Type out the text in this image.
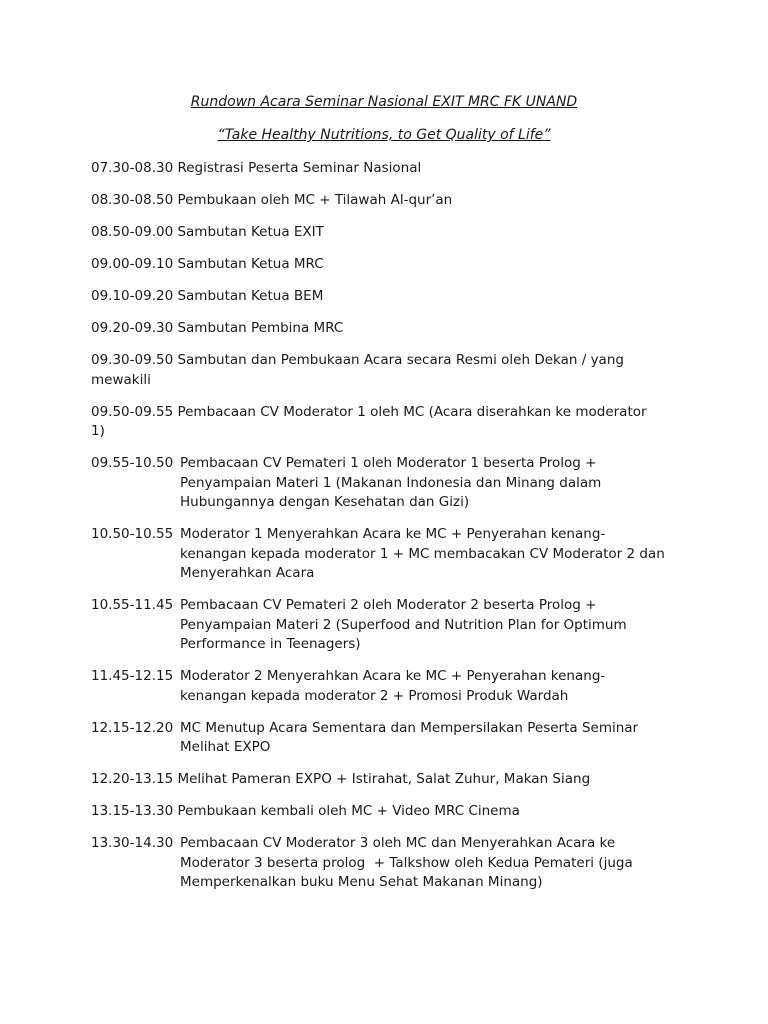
Rundown Acara Seminar Nasional EXIT MRC FK UNAND
“Take Healthy Nutritions, to Get Quality of Life”
07.30-08.30 Registrasi Peserta Seminar Nasional
08.30-08.50 Pembukaan oleh MC + Tilawah Al-qur’an
08.50-09.00 Sambutan Ketua EXIT
09.00-09.10 Sambutan Ketua MRC
09.10-09.20 Sambutan Ketua BEM
09.20-09.30 Sambutan Pembina MRC
09.30-09.50 Sambutan dan Pembukaan Acara secara Resmi oleh Dekan / yang
mewakili
09.50-09.55 Pembacaan CV Moderator 1 oleh MC (Acara diserahkan ke moderator
1)
09.55-10.50 Pembacaan CV Pemateri 1 oleh Moderator 1 beserta Prolog +
Penyampaian Materi 1 (Makanan Indonesia dan Minang dalam
Hubungannya dengan Kesehatan dan Gizi)
10.50-10.55 Moderator 1 Menyerahkan Acara ke MC + Penyerahan kenang-
kenangan kepada moderator 1 + MC membacakan CV Moderator 2 dan
Menyerahkan Acara
10.55-11.45 Pembacaan CV Pemateri 2 oleh Moderator 2 beserta Prolog +
Penyampaian Materi 2 (Superfood and Nutrition Plan for Optimum
Performance in Teenagers)
11.45-12.15 Moderator 2 Menyerahkan Acara ke MC + Penyerahan kenang-
kenangan kepada moderator 2 + Promosi Produk Wardah
12.15-12.20 MC Menutup Acara Sementara dan Mempersilakan Peserta Seminar
Melihat EXPO
12.20-13.15 Melihat Pameran EXPO + Istirahat, Salat Zuhur, Makan Siang
13.15-13.30 Pembukaan kembali oleh MC + Video MRC Cinema
13.30-14.30 Pembacaan CV Moderator 3 oleh MC dan Menyerahkan Acara ke
Moderator 3 beserta prolog  + Talkshow oleh Kedua Pemateri (juga
Memperkenalkan buku Menu Sehat Makanan Minang)
